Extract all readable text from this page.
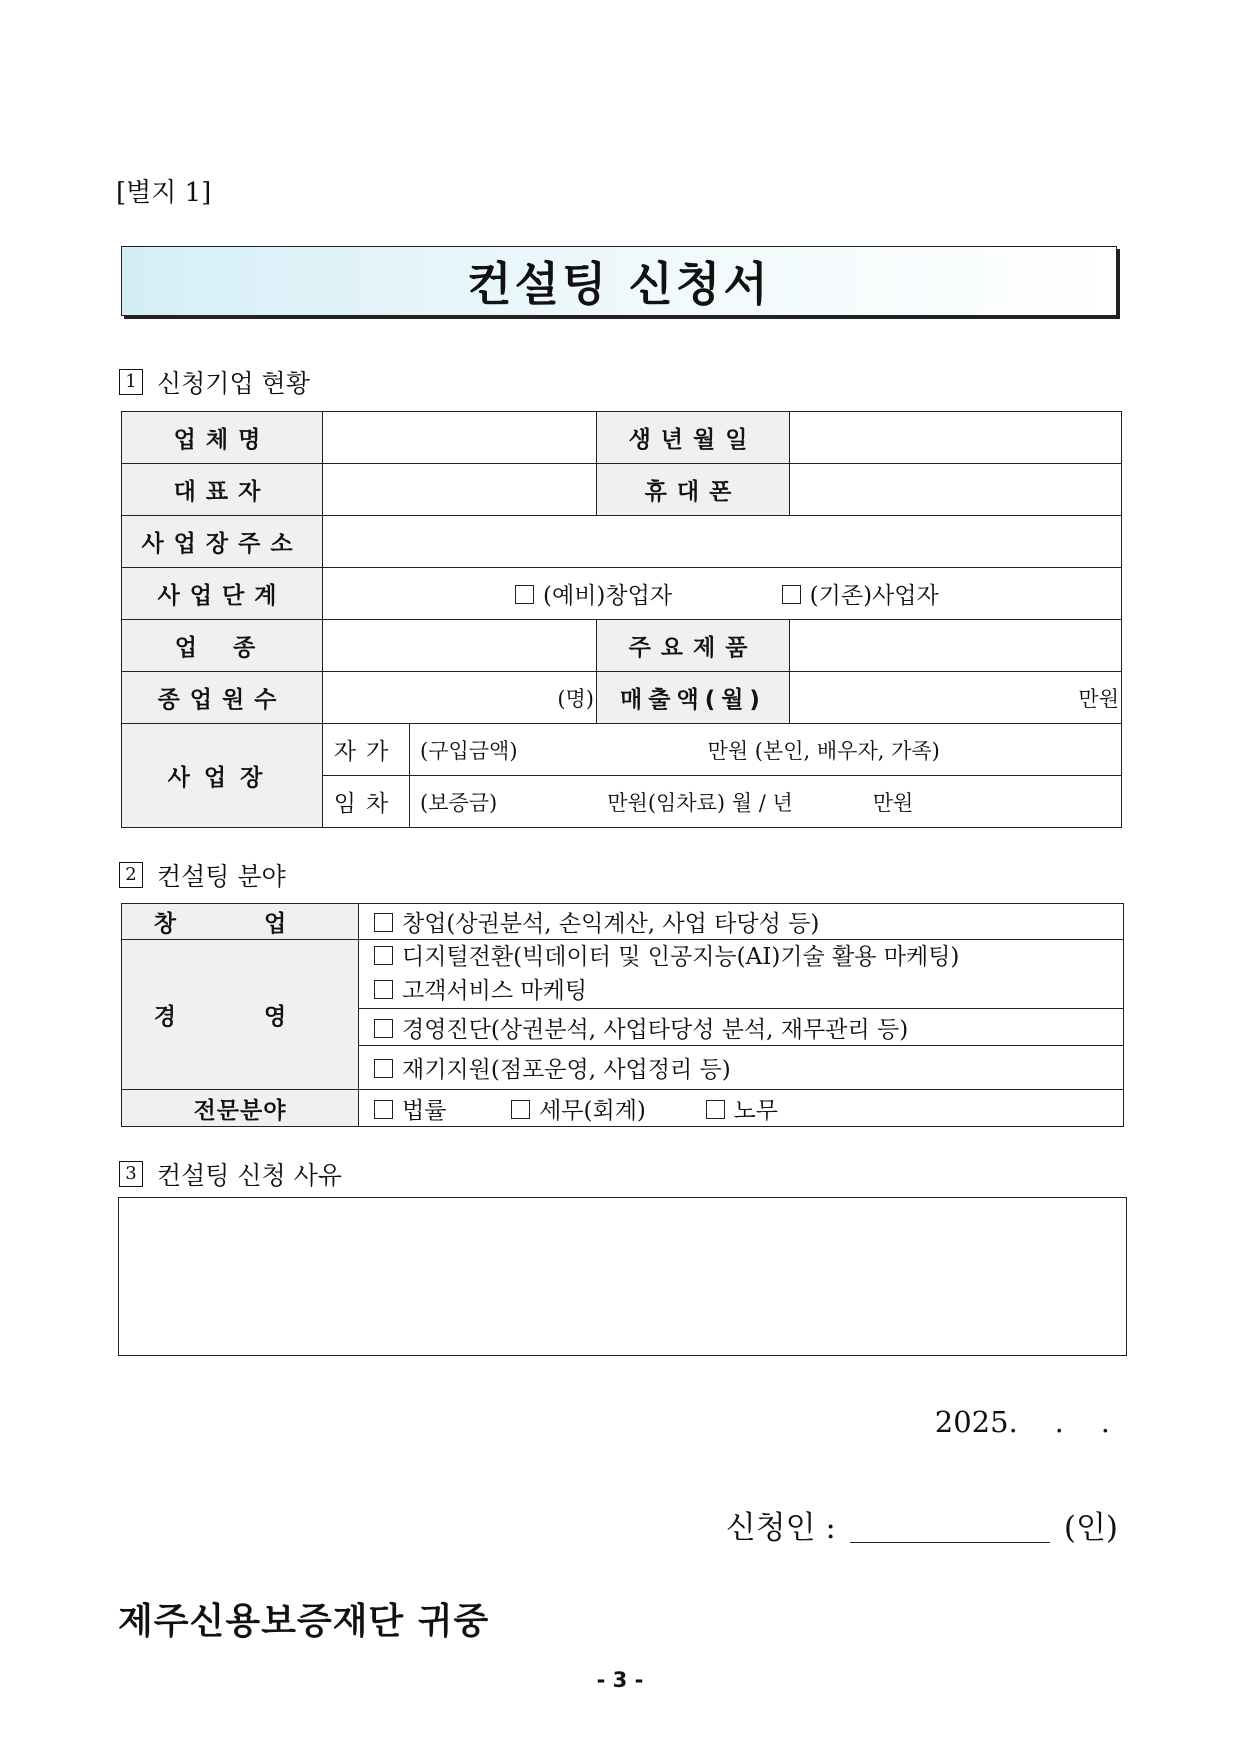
[별지 1]
컨설팅 신청서
1 신청기업 현황
업체명			생년월일	
대표자			휴대폰	
사업장주소				
사업단계	(예비)창업자 (기존)사업자			
업 종			주요제품	
종업원수	(명)		매출액(월)	만원
사업장	자가	(구입금액) 만원 (본인, 배우자, 가족)		
	임차	(보증금) 만원(임차료) 월 / 년 만원		
2 컨설팅 분야
창 업	창업(상권분석, 손익계산, 사업 타당성 등)
경 영	디지털전환(빅데이터 및 인공지능(AI)기술 활용 마케팅)
고객서비스 마케팅

	경영진단(상권분석, 사업타당성 분석, 재무관리 등)
	재기지원(점포운영, 사업정리 등)
전문분야	법률 세무(회계) 노무
3 컨설팅 신청 사유
2025.    .    .
신청인 :	(인)
제주신용보증재단 귀중
- 3 -
